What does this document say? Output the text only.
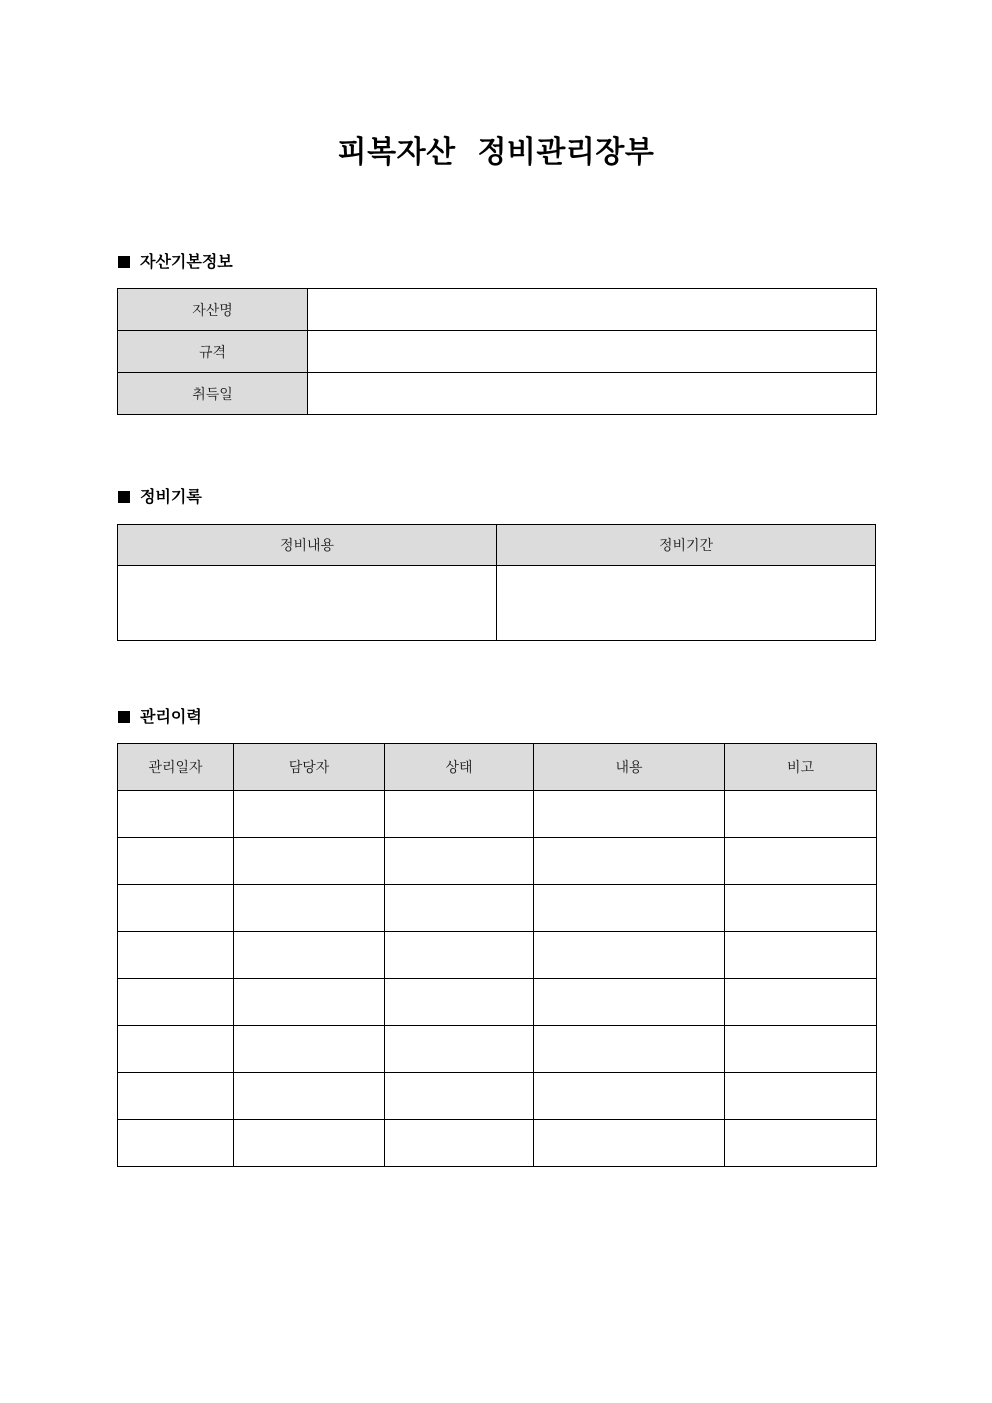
피복자산  정비관리장부
자산기본정보
자산명	
규격	
취득일	
정비기록
정비내용	정비기간

관리이력
관리일자	담당자	상태	내용	비고
